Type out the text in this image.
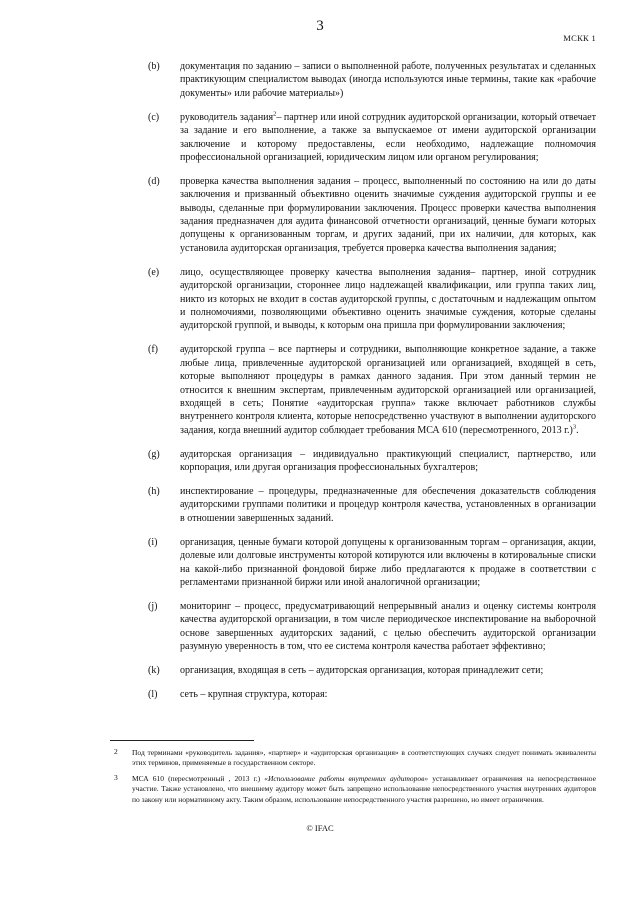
3
МСКК 1
(b) документация по заданию – записи о выполненной работе, полученных результатах и сделанных практикующим специалистом выводах (иногда используются иные термины, такие как «рабочие документы» или рабочие материалы»)
(c) руководитель задания$^2$– партнер или иной сотрудник аудиторской организации, который отвечает за задание и его выполнение, а также за выпускаемое от имени аудиторской организации заключение и которому предоставлены, если необходимо, надлежащие полномочия профессиональной организацией, юридическим лицом или органом регулирования;
(d) проверка качества выполнения задания – процесс, выполненный по состоянию на или до даты заключения и призванный объективно оценить значимые суждения аудиторской группы и ее выводы, сделанные при формулировании заключения. Процесс проверки качества выполнения задания предназначен для аудита финансовой отчетности организаций, ценные бумаги которых допущены к организованным торгам, и других заданий, при их наличии, для которых, как установила аудиторская организация, требуется проверка качества выполнения задания;
(e) лицо, осуществляющее проверку качества выполнения задания– партнер, иной сотрудник аудиторской организации, стороннее лицо надлежащей квалификации, или группа таких лиц, никто из которых не входит в состав аудиторской группы, с достаточным и надлежащим опытом и полномочиями, позволяющими объективно оценить значимые суждения, которые сделаны аудиторской группой, и выводы, к которым она пришла при формулировании заключения;
(f) аудиторской группа – все партнеры и сотрудники, выполняющие конкретное задание, а также любые лица, привлеченные аудиторской организацией или организацией, входящей в сеть, которые выполняют процедуры в рамках данного задания. При этом данный термин не относится к внешним экспертам, привлеченным аудиторской организацией или организацией, входящей в сеть; Понятие «аудиторская группа» также включает работников службы внутреннего контроля клиента, которые непосредственно участвуют в выполнении аудиторского задания, когда внешний аудитор соблюдает требования МСА 610 (пересмотренного, 2013 г.)$^3$.
(g) аудиторская организация – индивидуально практикующий специалист, партнерство, или корпорация, или другая организация профессиональных бухгалтеров;
(h) инспектирование – процедуры, предназначенные для обеспечения доказательств соблюдения аудиторскими группами политики и процедур контроля качества, установленных в организации в отношении завершенных заданий.
(i) организация, ценные бумаги которой допущены к организованным торгам – организация, акции, долевые или долговые инструменты которой котируются или включены в котировальные списки на какой-либо признанной фондовой бирже либо предлагаются к продаже в соответствии с регламентами признанной биржи или иной аналогичной организации;
(j) мониторинг – процесс, предусматривающий непрерывный анализ и оценку системы контроля качества аудиторской организации, в том числе периодическое инспектирование на выборочной основе завершенных аудиторских заданий, с целью обеспечить аудиторской организации разумную уверенность в том, что ее система контроля качества работает эффективно;
(k) организация, входящая в сеть – аудиторская организация, которая принадлежит сети;
(l) сеть – крупная структура, которая:
2 Под терминами «руководитель задания», «партнер» и «аудиторская организация» в соответствующих случаях следует понимать эквиваленты этих терминов, применяемые в государственном секторе.
3 МСА 610 (пересмотренный , 2013 г.) «Использование работы внутренних аудиторов» устанавливает ограничения на непосредственное участие. Также установлено, что внешнему аудитору может быть запрещено использование непосредственного участия внутренних аудиторов по закону или нормативному акту. Таким образом, использование непосредственного участия разрешено, но имеет ограничения.
© IFAC
